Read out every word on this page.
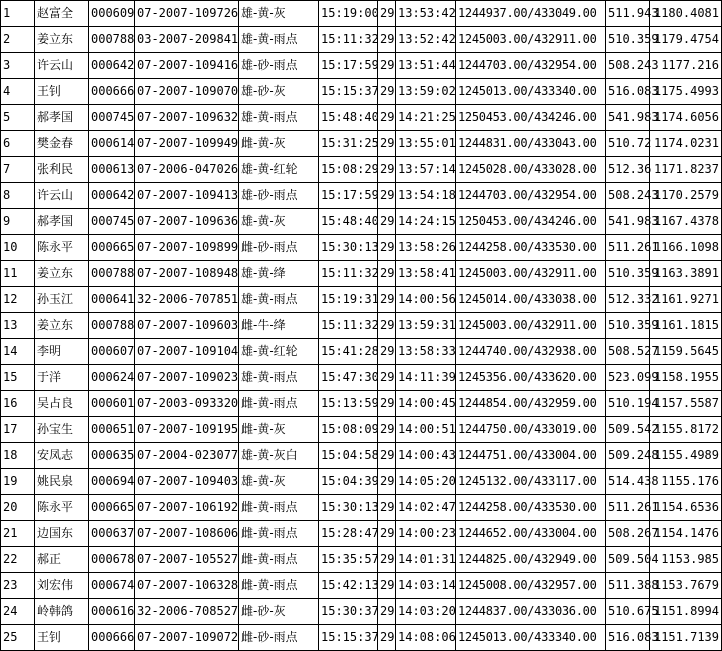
1	赵富全	000609	07-2007-109726	雄-黄-灰	15:19:00	29	13:53:42	1244937.00/433049.00	511.943	1180.4081
2	姜立东	000788	03-2007-209841	雄-黄-雨点	15:11:32	29	13:52:42	1245003.00/432911.00	510.359	1179.4754
3	许云山	000642	07-2007-109416	雄-砂-雨点	15:17:59	29	13:51:44	1244703.00/432954.00	508.243	1177.216
4	王钊	000666	07-2007-109070	雄-砂-灰	15:15:37	29	13:59:02	1245013.00/433340.00	516.083	1175.4993
5	郝孝国	000745	07-2007-109632	雄-黄-雨点	15:48:40	29	14:21:25	1250453.00/434246.00	541.983	1174.6056
6	樊金春	000614	07-2007-109949	雌-黄-灰	15:31:25	29	13:55:01	1244831.00/433043.00	510.72	1174.0231
7	张利民	000613	07-2006-047026	雄-黄-红轮	15:08:29	29	13:57:14	1245028.00/433028.00	512.36	1171.8237
8	许云山	000642	07-2007-109413	雄-砂-雨点	15:17:59	29	13:54:18	1244703.00/432954.00	508.243	1170.2579
9	郝孝国	000745	07-2007-109636	雄-黄-灰	15:48:40	29	14:24:15	1250453.00/434246.00	541.983	1167.4378
10	陈永平	000665	07-2007-109899	雌-砂-雨点	15:30:13	29	13:58:26	1244258.00/433530.00	511.261	1166.1098
11	姜立东	000788	07-2007-108948	雄-黄-绛	15:11:32	29	13:58:41	1245003.00/432911.00	510.359	1163.3891
12	孙玉江	000641	32-2006-707851	雄-黄-雨点	15:19:31	29	14:00:56	1245014.00/433038.00	512.332	1161.9271
13	姜立东	000788	07-2007-109603	雌-牛-绛	15:11:32	29	13:59:31	1245003.00/432911.00	510.359	1161.1815
14	李明	000607	07-2007-109104	雄-黄-红轮	15:41:28	29	13:58:33	1244740.00/432938.00	508.527	1159.5645
15	于洋	000624	07-2007-109023	雄-黄-雨点	15:47:30	29	14:11:39	1245356.00/433620.00	523.099	1158.1955
16	吴占良	000601	07-2003-093320	雌-黄-雨点	15:13:59	29	14:00:45	1244854.00/432959.00	510.194	1157.5587
17	孙宝生	000651	07-2007-109195	雌-黄-灰	15:08:09	29	14:00:51	1244750.00/433019.00	509.542	1155.8172
18	安凤志	000635	07-2004-023077	雄-黄-灰白	15:04:58	29	14:00:43	1244751.00/433004.00	509.248	1155.4989
19	姚民泉	000694	07-2007-109403	雄-黄-灰	15:04:39	29	14:05:20	1245132.00/433117.00	514.438	1155.176
20	陈永平	000665	07-2007-106192	雌-黄-雨点	15:30:13	29	14:02:47	1244258.00/433530.00	511.261	1154.6536
21	边国东	000637	07-2007-108606	雌-黄-雨点	15:28:47	29	14:00:23	1244652.00/433004.00	508.267	1154.1476
22	郝正	000678	07-2007-105527	雌-黄-雨点	15:35:57	29	14:01:31	1244825.00/432949.00	509.504	1153.985
23	刘宏伟	000674	07-2007-106328	雌-黄-雨点	15:42:13	29	14:03:14	1245008.00/432957.00	511.388	1153.7679
24	岭韩鸽	000616	32-2006-708527	雌-砂-灰	15:30:37	29	14:03:20	1244837.00/433036.00	510.675	1151.8994
25	王钊	000666	07-2007-109072	雌-砂-雨点	15:15:37	29	14:08:06	1245013.00/433340.00	516.083	1151.7139
